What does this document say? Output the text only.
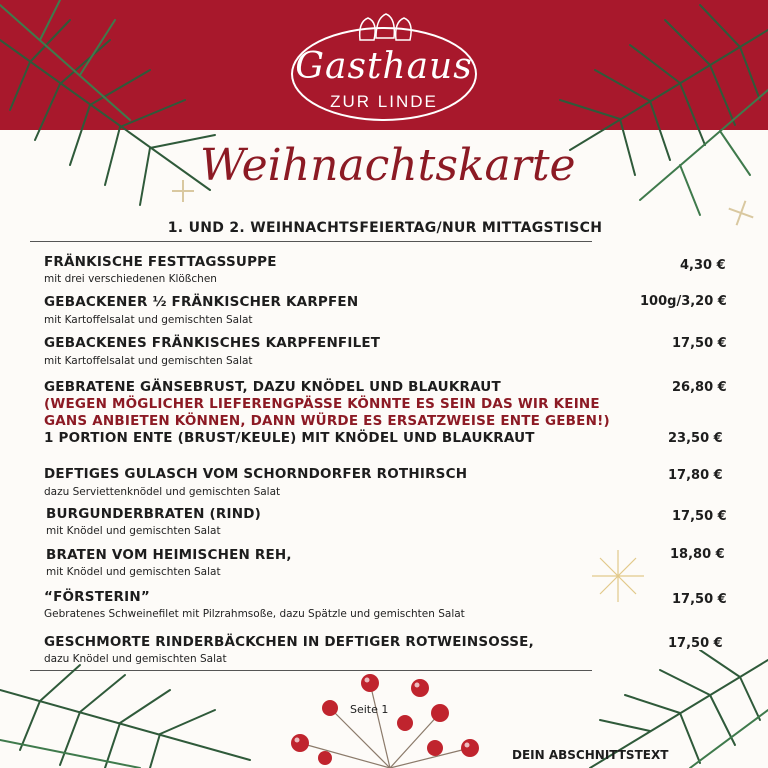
Gasthaus
ZUR LINDE
Weihnachtskarte
1. UND 2. WEIHNACHTSFEIERTAG/NUR MITTAGSTISCH
FRÄNKISCHE FESTTAGSSUPPE
mit drei verschiedenen Klößchen
4,30 €
GEBACKENER ½ FRÄNKISCHER KARPFEN
mit Kartoffelsalat und gemischten Salat
100g/3,20 €
GEBACKENES FRÄNKISCHES KARPFENFILET
mit Kartoffelsalat und gemischten Salat
17,50 €
GEBRATENE GÄNSEBRUST, DAZU KNÖDEL UND BLAUKRAUT	26,80 €
(WEGEN MÖGLICHER LIEFERENGPÄSSE KÖNNTE ES SEIN DAS WIR KEINE GANS ANBIETEN KÖNNEN, DANN WÜRDE ES ERSATZWEISE ENTE GEBEN!)
1 PORTION ENTE (BRUST/KEULE) MIT KNÖDEL UND BLAUKRAUT	23,50 €
DEFTIGES GULASCH VOM SCHORNDORFER ROTHIRSCH
dazu Serviettenknödel und gemischten Salat
17,80 €
BURGUNDERBRATEN (RIND)
mit Knödel und gemischten Salat
17,50 €
BRATEN VOM HEIMISCHEN REH,
mit Knödel und gemischten Salat
18,80 €
“FÖRSTERIN”
Gebratenes Schweinefilet mit Pilzrahmsoße, dazu Spätzle und gemischten Salat
17,50 €
GESCHMORTE RINDERBÄCKCHEN IN DEFTIGER ROTWEINSOSSE,
dazu Knödel und gemischten Salat
17,50 €
Seite 1
DEIN ABSCHNITTSTEXT
